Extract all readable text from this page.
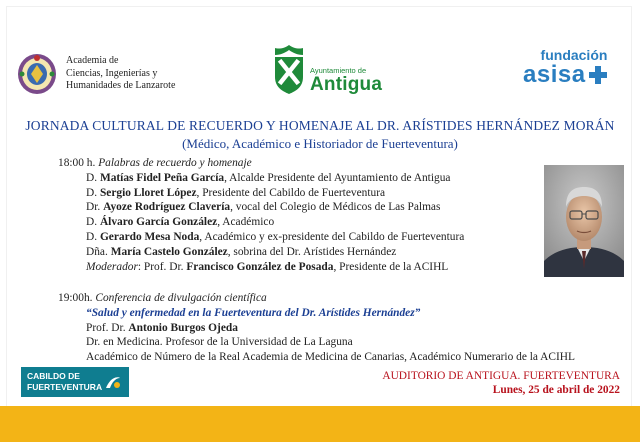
Academia de
Ciencias, Ingenierías y
Humanidades de Lanzarote
Ayuntamiento de
Antigua
fundación
asisa
JORNADA CULTURAL DE RECUERDO Y HOMENAJE AL DR. ARÍSTIDES HERNÁNDEZ MORÁN
(Médico, Académico e Historiador de Fuerteventura)
18:00 h. Palabras de recuerdo y homenaje
D. Matías Fidel Peña García, Alcalde Presidente del Ayuntamiento de Antigua
D. Sergio Lloret López, Presidente del Cabildo de Fuerteventura
Dr. Ayoze Rodríguez Clavería, vocal del Colegio de Médicos de Las Palmas
D. Álvaro García González, Académico
D. Gerardo Mesa Noda, Académico y ex-presidente del Cabildo de Fuerteventura
Dña. María Castelo González, sobrina del Dr. Arístides Hernández
Moderador: Prof. Dr. Francisco González de Posada, Presidente de la ACIHL
19:00h. Conferencia de divulgación científica
“Salud y enfermedad en la Fuerteventura del Dr. Arístides Hernández”
Prof. Dr. Antonio Burgos Ojeda
Dr. en Medicina. Profesor de la Universidad de La Laguna
Académico de Número de la Real Academia de Medicina de Canarias, Académico Numerario de la ACIHL
CABILDO DE
FUERTEVENTURA
AUDITORIO DE ANTIGUA. FUERTEVENTURA
Lunes, 25 de abril de 2022
